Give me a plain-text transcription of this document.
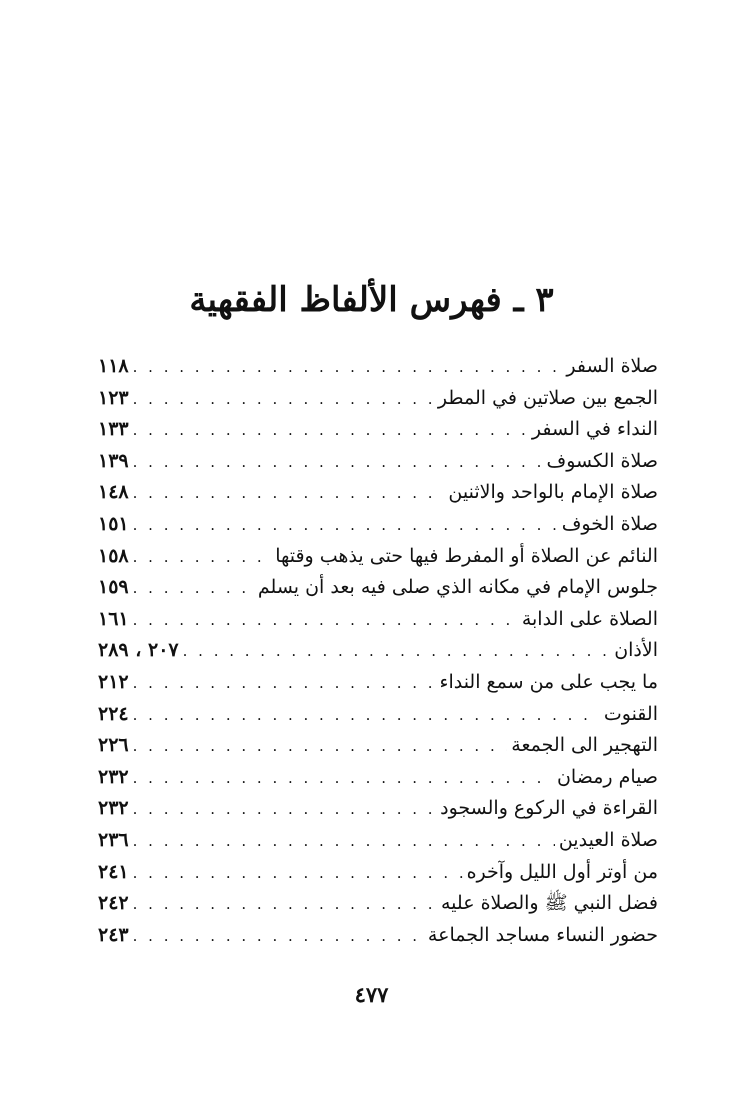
٣ ـ فهرس الألفاظ الفقهية
صلاة السفر
. . .
١١٨
الجمع بين صلاتين في المطر
. . .
١٢٣
النداء في السفر
. . .
١٣٣
صلاة الكسوف
. . .
١٣٩
صلاة الإمام بالواحد والاثنين
. . .
١٤٨
صلاة الخوف
. . .
١٥١
النائم عن الصلاة أو المفرط فيها حتى يذهب وقتها
. . .
١٥٨
جلوس الإمام في مكانه الذي صلى فيه بعد أن يسلم
. . .
١٥٩
الصلاة على الدابة
. . .
١٦١
الأذان
. . .
٢٠٧ ، ٢٨٩
ما يجب على من سمع النداء
. . .
٢١٢
القنوت
. . .
٢٢٤
التهجير الى الجمعة
. . .
٢٢٦
صيام رمضان
. . .
٢٣٢
القراءة في الركوع والسجود
. . .
٢٣٢
صلاة العيدين
. . .
٢٣٦
من أوتر أول الليل وآخره
. . .
٢٤١
فضل النبي ﷺ والصلاة عليه
. . .
٢٤٢
حضور النساء مساجد الجماعة
. . .
٢٤٣
٤٧٧
